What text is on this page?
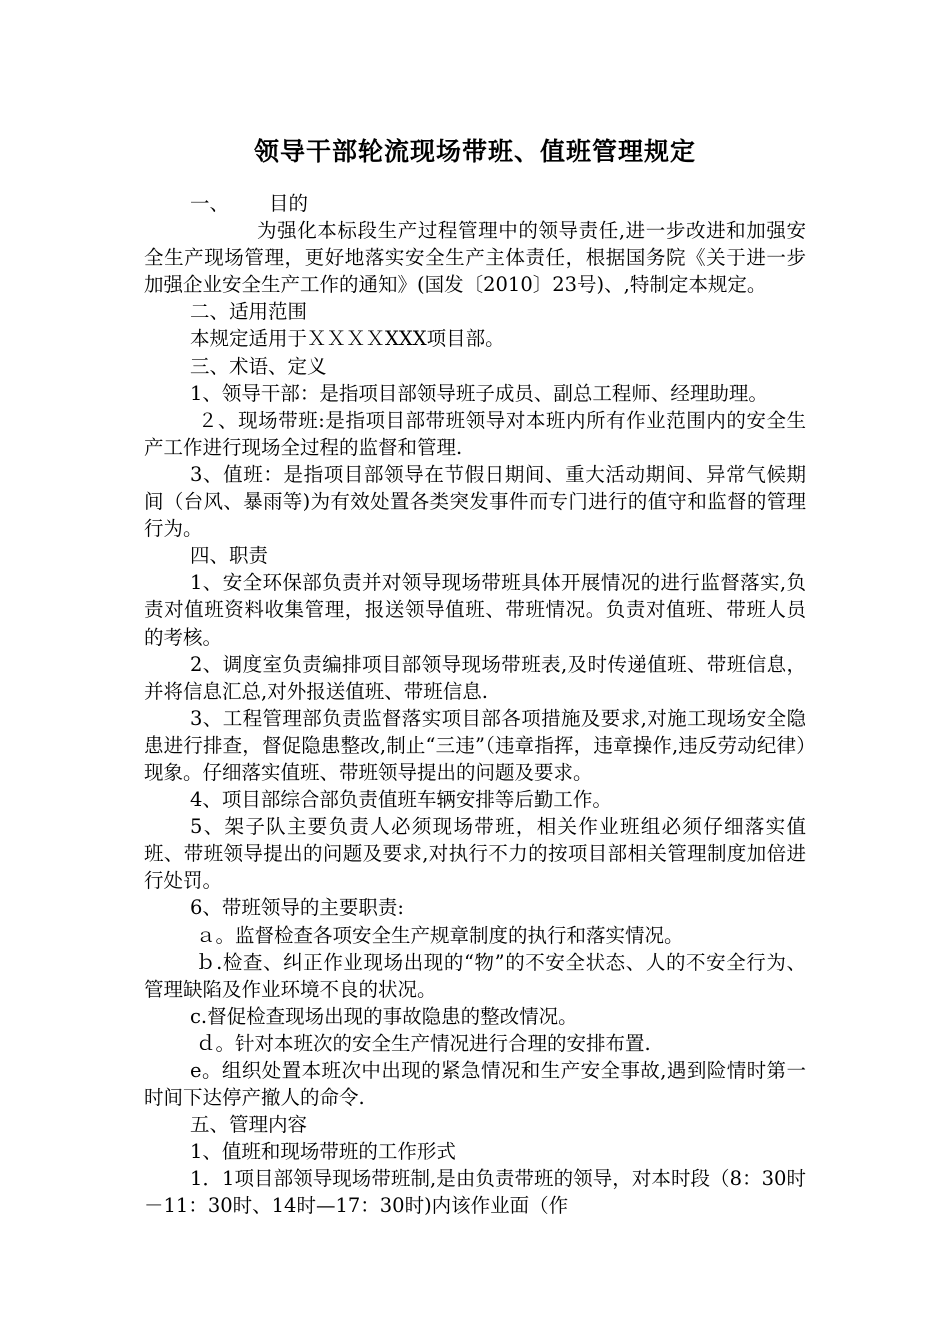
领导干部轮流现场带班、值班管理规定

一、 目的

为强化本标段生产过程管理中的领导责任,进一步改进和加强安全生产现场管理，更好地落实安全生产主体责任，根据国务院《关于进一步加强企业安全生产工作的通知》(国发〔2010〕23号)、,特制定本规定。

二、适用范围

本规定适用于ＸＸＸＸXXX项目部。

三、术语、定义

1、领导干部：是指项目部领导班子成员、副总工程师、经理助理。

２、现场带班:是指项目部带班领导对本班内所有作业范围内的安全生产工作进行现场全过程的监督和管理.

3、值班：是指项目部领导在节假日期间、重大活动期间、异常气候期间（台风、暴雨等)为有效处置各类突发事件而专门进行的值守和监督的管理行为。

四、职责

1、安全环保部负责并对领导现场带班具体开展情况的进行监督落实,负责对值班资料收集管理，报送领导值班、带班情况。负责对值班、带班人员的考核。

2、调度室负责编排项目部领导现场带班表,及时传递值班、带班信息，并将信息汇总,对外报送值班、带班信息.

3、工程管理部负责监督落实项目部各项措施及要求,对施工现场安全隐患进行排查，督促隐患整改,制止“三违”（违章指挥，违章操作,违反劳动纪律）现象。仔细落实值班、带班领导提出的问题及要求。

4、项目部综合部负责值班车辆安排等后勤工作。

5、架子队主要负责人必须现场带班，相关作业班组必须仔细落实值班、带班领导提出的问题及要求,对执行不力的按项目部相关管理制度加倍进行处罚。

6、带班领导的主要职责:

ａ。监督检查各项安全生产规章制度的执行和落实情况。

ｂ.检查、纠正作业现场出现的“物”的不安全状态、人的不安全行为、管理缺陷及作业环境不良的状况。

c.督促检查现场出现的事故隐患的整改情况。

ｄ。针对本班次的安全生产情况进行合理的安排布置.

e。组织处置本班次中出现的紧急情况和生产安全事故,遇到险情时第一时间下达停产撤人的命令.

五、管理内容

1、值班和现场带班的工作形式

1．1项目部领导现场带班制,是由负责带班的领导，对本时段（8：30时－11：30时、14时—17：30时)内该作业面（作
